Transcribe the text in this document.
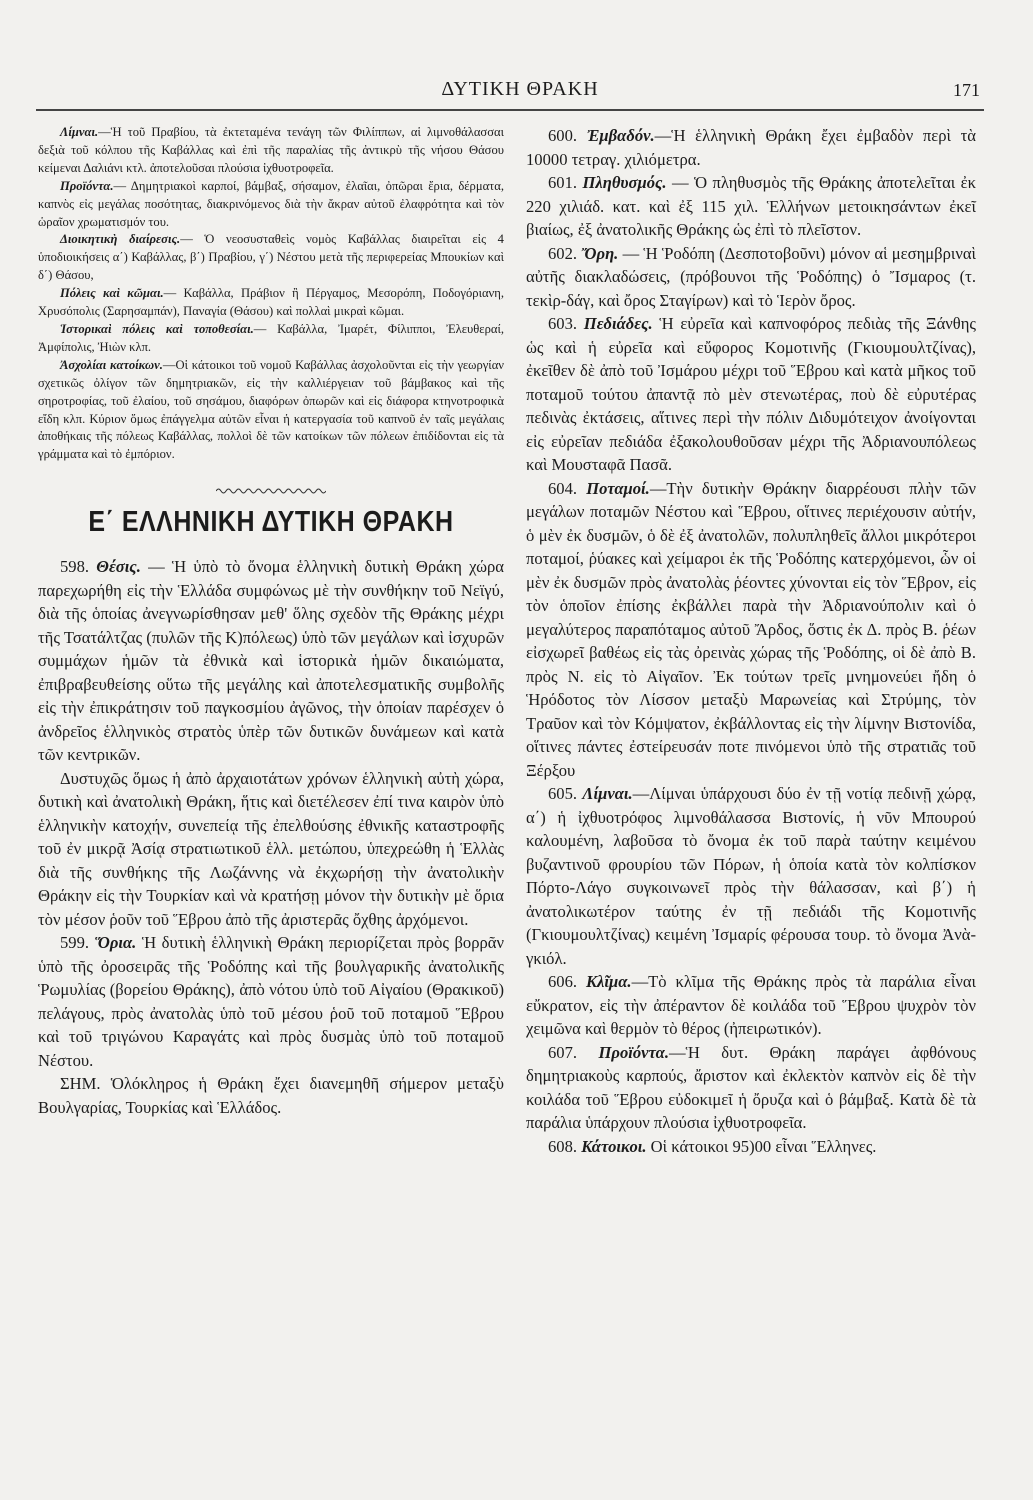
ΔΥΤΙΚΗ ΘΡΑΚΗ	171

Λίμναι.—Ἡ τοῦ Πραβίου, τὰ ἐκτεταμένα τενάγη τῶν Φιλίππων, αἱ λιμνοθάλασσαι δεξιὰ τοῦ κόλπου τῆς Καβάλλας καὶ ἐπὶ τῆς παραλίας τῆς ἀντικρὺ τῆς νήσου Θάσου κείμεναι Δαλιάνι κτλ. ἀποτελοῦσαι πλούσια ἰχθυοτροφεῖα.

Προϊόντα.— Δημητριακοὶ καρποί, βάμβαξ, σήσαμον, ἐλαῖαι, ὀπῶραι ἔρια, δέρματα, καπνὸς εἰς μεγάλας ποσότητας, διακρινόμενος διὰ τὴν ἄκραν αὐτοῦ ἐλαφρότητα καὶ τὸν ὡραῖον χρωματισμόν του.

Διοικητικὴ διαίρεσις.— Ὁ νεοσυσταθεὶς νομὸς Καβάλλας διαιρεῖται εἰς 4 ὑποδιοικήσεις α΄) Καβάλλας, β΄) Πραβίου, γ΄) Νέστου μετὰ τῆς περιφερείας Μπουκίων καὶ δ΄) Θάσου,

Πόλεις καὶ κῶμαι.— Καβάλλα, Πράβιον ἢ Πέργαμος, Μεσορόπη, Ποδογόριανη, Χρυσόπολις (Σαρησαμπάν), Παναγία (Θάσου) καὶ πολλαὶ μικραὶ κῶμαι.

Ἱστορικαὶ πόλεις καὶ τοποθεσίαι.— Καβάλλα, Ἰμαρέτ, Φίλιπποι, Ἐλευθεραί, Ἀμφίπολις, Ἠιὼν κλπ.

Ἀσχολίαι κατοίκων.—Οἱ κάτοικοι τοῦ νομοῦ Καβάλλας ἀσχολοῦνται εἰς τὴν γεωργίαν σχετικῶς ὀλίγον τῶν δημητριακῶν, εἰς τὴν καλλιέργειαν τοῦ βάμβακος καὶ τῆς σηροτροφίας, τοῦ ἐλαίου, τοῦ σησάμου, διαφόρων ὀπωρῶν καὶ εἰς διάφορα κτηνοτροφικὰ εἴδη κλπ. Κύριον ὅμως ἐπάγγελμα αὐτῶν εἶναι ἡ κατεργασία τοῦ καπνοῦ ἐν ταῖς μεγάλαις ἀποθήκαις τῆς πόλεως Καβάλλας, πολλοὶ δὲ τῶν κατοίκων τῶν πόλεων ἐπιδίδονται εἰς τὰ γράμματα καὶ τὸ ἐμπόριον.

Ε΄ ΕΛΛΗΝΙΚΗ ΔΥΤΙΚΗ ΘΡΑΚΗ

598. Θέσις. — Ἡ ὑπὸ τὸ ὄνομα ἑλληνικὴ δυτικὴ Θράκη χώρα παρεχωρήθη εἰς τὴν Ἑλλάδα συμφώνως μὲ τὴν συνθήκην τοῦ Νεϊγύ, διὰ τῆς ὁποίας ἀνεγνωρίσθησαν μεθ' ὅλης σχεδὸν τῆς Θράκης μέχρι τῆς Τσατάλτζας (πυλῶν τῆς Κ)πόλεως) ὑπὸ τῶν μεγάλων καὶ ἰσχυρῶν συμμάχων ἡμῶν τὰ ἐθνικὰ καὶ ἱστορικὰ ἡμῶν δικαιώματα, ἐπιβραβευθείσης οὕτω τῆς μεγάλης καὶ ἀποτελεσματικῆς συμβολῆς εἰς τὴν ἐπικράτησιν τοῦ παγκοσμίου ἀγῶνος, τὴν ὁποίαν παρέσχεν ὁ ἀνδρεῖος ἑλληνικὸς στρατὸς ὑπὲρ τῶν δυτικῶν δυνάμεων καὶ κατὰ τῶν κεντρικῶν.

Δυστυχῶς ὅμως ἡ ἀπὸ ἀρχαιοτάτων χρόνων ἑλληνικὴ αὐτὴ χώρα, δυτικὴ καὶ ἀνατολικὴ Θράκη, ἥτις καὶ διετέλεσεν ἐπί τινα καιρὸν ὑπὸ ἑλληνικὴν κατοχήν, συνεπείᾳ τῆς ἐπελθούσης ἐθνικῆς καταστροφῆς τοῦ ἐν μικρᾷ Ἀσίᾳ στρατιωτικοῦ ἑλλ. μετώπου, ὑπεχρεώθη ἡ Ἑλλὰς διὰ τῆς συνθήκης τῆς Λωζάννης νὰ ἐκχωρήσῃ τὴν ἀνατολικὴν Θράκην εἰς τὴν Τουρκίαν καὶ νὰ κρατήσῃ μόνον τὴν δυτικὴν μὲ ὅρια τὸν μέσον ῥοῦν τοῦ Ἕβρου ἀπὸ τῆς ἀριστερᾶς ὄχθης ἀρχόμενοι.

599. Ὅρια. Ἡ δυτικὴ ἑλληνικὴ Θράκη περιορίζεται πρὸς βορρᾶν ὑπὸ τῆς ὀροσειρᾶς τῆς Ῥοδόπης καὶ τῆς βουλγαρικῆς ἀνατολικῆς Ῥωμυλίας (βορείου Θράκης), ἀπὸ νότου ὑπὸ τοῦ Αἰγαίου (Θρακικοῦ) πελάγους, πρὸς ἀνατολὰς ὑπὸ τοῦ μέσου ῥοῦ τοῦ ποταμοῦ Ἕβρου καὶ τοῦ τριγώνου Καραγάτς καὶ πρὸς δυσμὰς ὑπὸ τοῦ ποταμοῦ Νέστου.

ΣΗΜ. Ὁλόκληρος ἡ Θράκη ἔχει διανεμηθῆ σήμερον μεταξὺ Βουλγαρίας, Τουρκίας καὶ Ἑλλάδος.

600. Ἐμβαδόν.—Ἡ ἑλληνικὴ Θράκη ἔχει ἐμβαδὸν περὶ τὰ 10000 τετραγ. χιλιόμετρα.

601. Πληθυσμός. — Ὁ πληθυσμὸς τῆς Θράκης ἀποτελεῖται ἐκ 220 χιλιάδ. κατ. καὶ ἐξ 115 χιλ. Ἑλλήνων μετοικησάντων ἐκεῖ βιαίως, ἐξ ἀνατολικῆς Θράκης ὡς ἐπὶ τὸ πλεῖστον.

602. Ὄρη. — Ἡ Ῥοδόπη (Δεσποτοβοῦνι) μόνον αἱ μεσημβριναὶ αὐτῆς διακλαδώσεις, (πρόβουνοι τῆς Ῥοδόπης) ὁ Ἴσμαρος (τ. τεκὶρ-δάγ, καὶ ὄρος Σταγίρων) καὶ τὸ Ἱερὸν ὄρος.

603. Πεδιάδες. Ἡ εὐρεῖα καὶ καπνοφόρος πεδιὰς τῆς Ξάνθης ὡς καὶ ἡ εὐρεῖα καὶ εὔφορος Κομοτινῆς (Γκιουμουλτζίνας), ἐκεῖθεν δὲ ἀπὸ τοῦ Ἰσμάρου μέχρι τοῦ Ἕβρου καὶ κατὰ μῆκος τοῦ ποταμοῦ τούτου ἀπαντᾷ πὸ μὲν στενωτέρας, ποὺ δὲ εὐρυτέρας πεδινὰς ἐκτάσεις, αἵτινες περὶ τὴν πόλιν Διδυμότειχον ἀνοίγονται εἰς εὐρεῖαν πεδιάδα ἐξακολουθοῦσαν μέχρι τῆς Ἀδριανουπόλεως καὶ Μουσταφᾶ Πασᾶ.

604. Ποταμοί.—Τὴν δυτικὴν Θράκην διαρρέουσι πλὴν τῶν μεγάλων ποταμῶν Νέστου καὶ Ἕβρου, οἵτινες περιέχουσιν αὐτήν, ὁ μὲν ἐκ δυσμῶν, ὁ δὲ ἐξ ἀνατολῶν, πολυπληθεῖς ἄλλοι μικρότεροι ποταμοί, ῥύακες καὶ χείμαροι ἐκ τῆς Ῥοδόπης κατερχόμενοι, ὧν οἱ μὲν ἐκ δυσμῶν πρὸς ἀνατολὰς ῥέοντες χύνονται εἰς τὸν Ἕβρον, εἰς τὸν ὁποῖον ἐπίσης ἐκβάλλει παρὰ τὴν Ἀδριανούπολιν καὶ ὁ μεγαλύτερος παραπόταμος αὐτοῦ Ἄρδος, ὅστις ἐκ Δ. πρὸς Β. ῥέων εἰσχωρεῖ βαθέως εἰς τὰς ὀρεινὰς χώρας τῆς Ῥοδόπης, οἱ δὲ ἀπὸ Β. πρὸς Ν. εἰς τὸ Αἰγαῖον. Ἐκ τούτων τρεῖς μνημονεύει ἤδη ὁ Ἡρόδοτος τὸν Λίσσον μεταξὺ Μαρωνείας καὶ Στρύμης, τὸν Τραῦον καὶ τὸν Κόμψατον, ἐκβάλλοντας εἰς τὴν λίμνην Βιστονίδα, οἵτινες πάντες ἐστείρευσάν ποτε πινόμενοι ὑπὸ τῆς στρατιᾶς τοῦ Ξέρξου

605. Λίμναι.—Λίμναι ὑπάρχουσι δύο ἐν τῇ νοτίᾳ πεδινῇ χώρᾳ, α΄) ἡ ἰχθυοτρόφος λιμνοθάλασσα Βιστονίς, ἡ νῦν Μπουρού καλουμένη, λαβοῦσα τὸ ὄνομα ἐκ τοῦ παρὰ ταύτην κειμένου βυζαντινοῦ φρουρίου τῶν Πόρων, ἡ ὁποία κατὰ τὸν κολπίσκον Πόρτο-Λάγο συγκοινωνεῖ πρὸς τὴν θάλασσαν, καὶ β΄) ἡ ἀνατολικωτέρον ταύτης ἐν τῇ πεδιάδι τῆς Κομοτινῆς (Γκιουμουλτζίνας) κειμένη Ἰσμαρίς φέρουσα τουρ. τὸ ὄνομα Ἀνὰ-γκιόλ.

606. Κλῖμα.—Τὸ κλῖμα τῆς Θράκης πρὸς τὰ παράλια εἶναι εὔκρατον, εἰς τὴν ἀπέραντον δὲ κοιλάδα τοῦ Ἕβρου ψυχρὸν τὸν χειμῶνα καὶ θερμὸν τὸ θέρος (ἠπειρωτικόν).

607. Προϊόντα.—Ἡ δυτ. Θράκη παράγει ἀφθόνους δημητριακοὺς καρπούς, ἄριστον καὶ ἐκλεκτὸν καπνὸν εἰς δὲ τὴν κοιλάδα τοῦ Ἕβρου εὐδοκιμεῖ ἡ ὄρυζα καὶ ὁ βάμβαξ. Κατὰ δὲ τὰ παράλια ὑπάρχουν πλούσια ἰχθυοτροφεῖα.

608. Κάτοικοι. Οἱ κάτοικοι 95)00 εἶναι Ἕλληνες.
